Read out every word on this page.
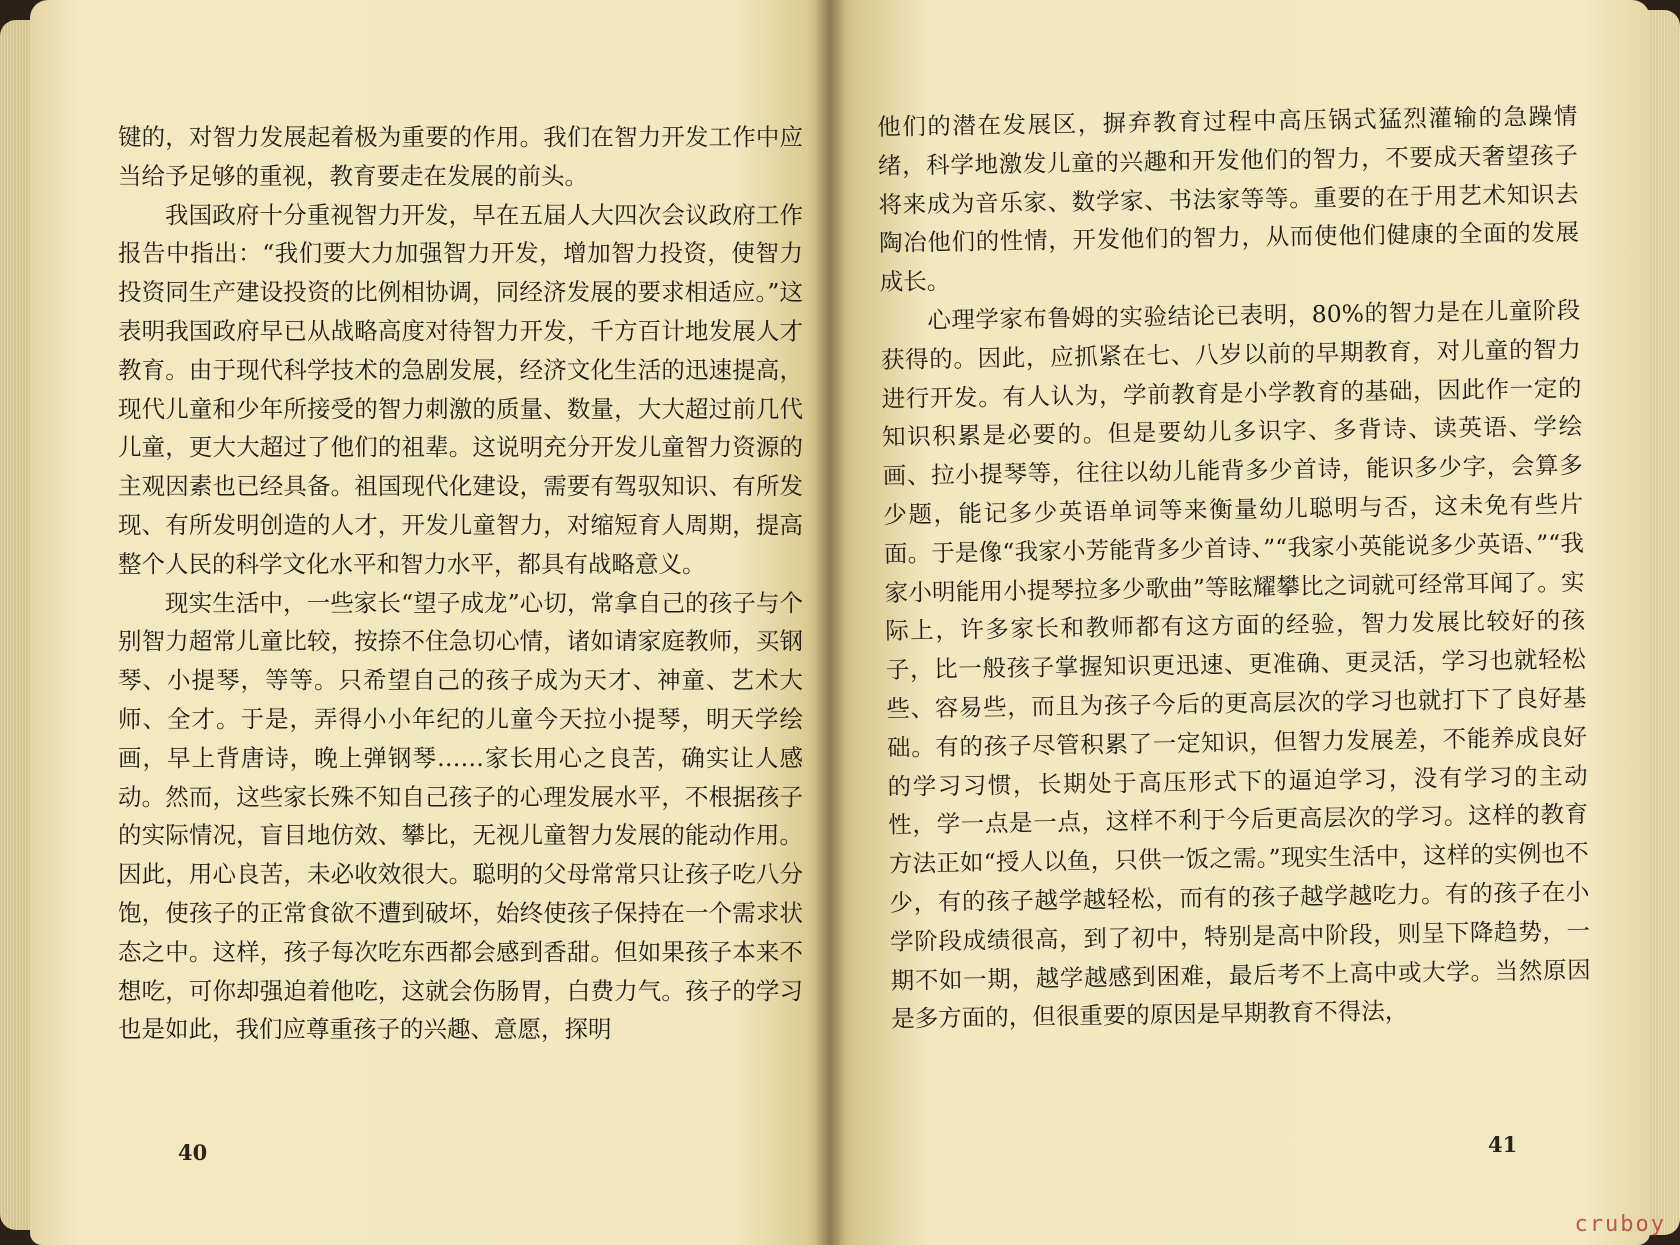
键的，对智力发展起着极为重要的作用。我们在智力开发工作中应当给予足够的重视，教育要走在发展的前头。

我国政府十分重视智力开发，早在五届人大四次会议政府工作报告中指出：“我们要大力加强智力开发，增加智力投资，使智力投资同生产建设投资的比例相协调，同经济发展的要求相适应。”这表明我国政府早已从战略高度对待智力开发，千方百计地发展人才教育。由于现代科学技术的急剧发展，经济文化生活的迅速提高，现代儿童和少年所接受的智力刺激的质量、数量，大大超过前几代儿童，更大大超过了他们的祖辈。这说明充分开发儿童智力资源的主观因素也已经具备。祖国现代化建设，需要有驾驭知识、有所发现、有所发明创造的人才，开发儿童智力，对缩短育人周期，提高整个人民的科学文化水平和智力水平，都具有战略意义。

现实生活中，一些家长“望子成龙”心切，常拿自己的孩子与个别智力超常儿童比较，按捺不住急切心情，诸如请家庭教师，买钢琴、小提琴，等等。只希望自己的孩子成为天才、神童、艺术大师、全才。于是，弄得小小年纪的儿童今天拉小提琴，明天学绘画，早上背唐诗，晚上弹钢琴……家长用心之良苦，确实让人感动。然而，这些家长殊不知自己孩子的心理发展水平，不根据孩子的实际情况，盲目地仿效、攀比，无视儿童智力发展的能动作用。因此，用心良苦，未必收效很大。聪明的父母常常只让孩子吃八分饱，使孩子的正常食欲不遭到破坏，始终使孩子保持在一个需求状态之中。这样，孩子每次吃东西都会感到香甜。但如果孩子本来不想吃，可你却强迫着他吃，这就会伤肠胃，白费力气。孩子的学习也是如此，我们应尊重孩子的兴趣、意愿，探明

40

他们的潜在发展区，摒弃教育过程中高压锅式猛烈灌输的急躁情绪，科学地激发儿童的兴趣和开发他们的智力，不要成天奢望孩子将来成为音乐家、数学家、书法家等等。重要的在于用艺术知识去陶冶他们的性情，开发他们的智力，从而使他们健康的全面的发展成长。

心理学家布鲁姆的实验结论已表明，80%的智力是在儿童阶段获得的。因此，应抓紧在七、八岁以前的早期教育，对儿童的智力进行开发。有人认为，学前教育是小学教育的基础，因此作一定的知识积累是必要的。但是要幼儿多识字、多背诗、读英语、学绘画、拉小提琴等，往往以幼儿能背多少首诗，能识多少字，会算多少题，能记多少英语单词等来衡量幼儿聪明与否，这未免有些片面。于是像“我家小芳能背多少首诗、”“我家小英能说多少英语、”“我家小明能用小提琴拉多少歌曲”等眩耀攀比之词就可经常耳闻了。实际上，许多家长和教师都有这方面的经验，智力发展比较好的孩子，比一般孩子掌握知识更迅速、更准确、更灵活，学习也就轻松些、容易些，而且为孩子今后的更高层次的学习也就打下了良好基础。有的孩子尽管积累了一定知识，但智力发展差，不能养成良好的学习习惯，长期处于高压形式下的逼迫学习，没有学习的主动性，学一点是一点，这样不利于今后更高层次的学习。这样的教育方法正如“授人以鱼，只供一饭之需。”现实生活中，这样的实例也不少，有的孩子越学越轻松，而有的孩子越学越吃力。有的孩子在小学阶段成绩很高，到了初中，特别是高中阶段，则呈下降趋势，一期不如一期，越学越感到困难，最后考不上高中或大学。当然原因是多方面的，但很重要的原因是早期教育不得法，

41
cruboy
